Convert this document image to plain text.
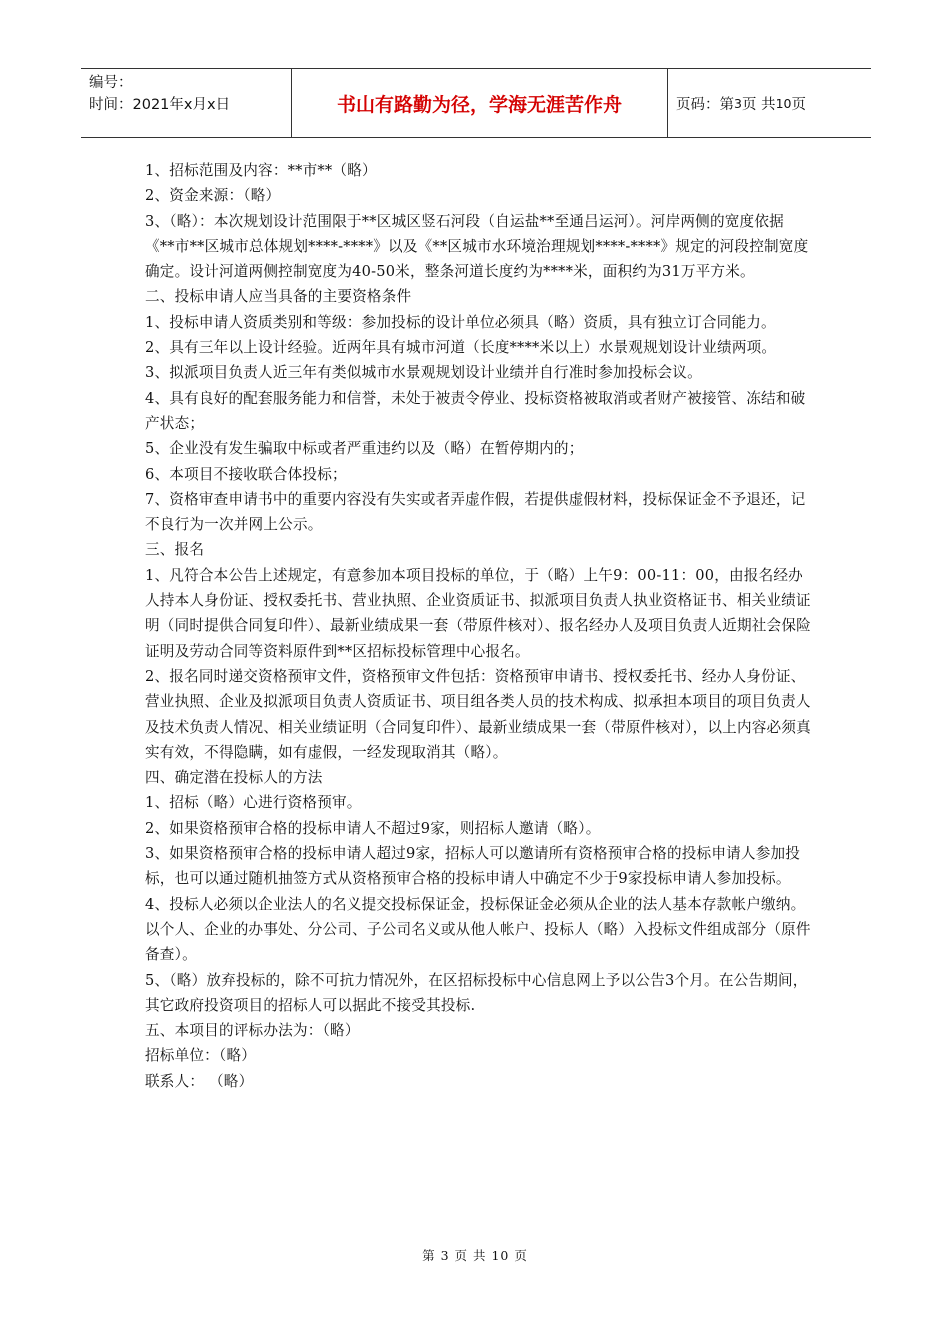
编号：
时间：2021年x月x日	书山有路勤为径，学海无涯苦作舟	页码：第 3 页 共 10 页

1、招标范围及内容：**市**（略）

2、资金来源：（略）

3、（略）：本次规划设计范围限于**区城区竖石河段（自运盐**至通吕运河）。河岸两侧的宽度依据《**市**区城市总体规划****-****》以及《**区城市水环境治理规划****-****》规定的河段控制宽度确定。设计河道两侧控制宽度为40-50米，整条河道长度约为****米，面积约为31万平方米。

二、投标申请人应当具备的主要资格条件

1、投标申请人资质类别和等级：参加投标的设计单位必须具（略）资质，具有独立订合同能力。

2、具有三年以上设计经验。近两年具有城市河道（长度****米以上）水景观规划设计业绩两项。

3、拟派项目负责人近三年有类似城市水景观规划设计业绩并自行准时参加投标会议。

4、具有良好的配套服务能力和信誉，未处于被责令停业、投标资格被取消或者财产被接管、冻结和破产状态；

5、企业没有发生骗取中标或者严重违约以及（略）在暂停期内的；

6、本项目不接收联合体投标；

7、资格审查申请书中的重要内容没有失实或者弄虚作假，若提供虚假材料，投标保证金不予退还，记不良行为一次并网上公示。

三、报名

1、凡符合本公告上述规定，有意参加本项目投标的单位，于（略）上午9：00-11：00，由报名经办人持本人身份证、授权委托书、营业执照、企业资质证书、拟派项目负责人执业资格证书、相关业绩证明（同时提供合同复印件）、最新业绩成果一套（带原件核对）、报名经办人及项目负责人近期社会保险证明及劳动合同等资料原件到**区招标投标管理中心报名。

2、报名同时递交资格预审文件，资格预审文件包括：资格预审申请书、授权委托书、经办人身份证、营业执照、企业及拟派项目负责人资质证书、项目组各类人员的技术构成、拟承担本项目的项目负责人及技术负责人情况、相关业绩证明（合同复印件）、最新业绩成果一套（带原件核对），以上内容必须真实有效，不得隐瞒，如有虚假，一经发现取消其（略）。

四、确定潜在投标人的方法

1、招标（略）心进行资格预审。

2、如果资格预审合格的投标申请人不超过9家，则招标人邀请（略）。

3、如果资格预审合格的投标申请人超过9家，招标人可以邀请所有资格预审合格的投标申请人参加投标，也可以通过随机抽签方式从资格预审合格的投标申请人中确定不少于9家投标申请人参加投标。

4、投标人必须以企业法人的名义提交投标保证金，投标保证金必须从企业的法人基本存款帐户缴纳。以个人、企业的办事处、分公司、子公司名义或从他人帐户、投标人（略）入投标文件组成部分（原件备查）。

5、（略）放弃投标的，除不可抗力情况外，在区招标投标中心信息网上予以公告3个月。在公告期间，其它政府投资项目的招标人可以据此不接受其投标.

五、本项目的评标办法为：（略）

招标单位：（略）

联系人： （略）

第 3 页 共 10 页
